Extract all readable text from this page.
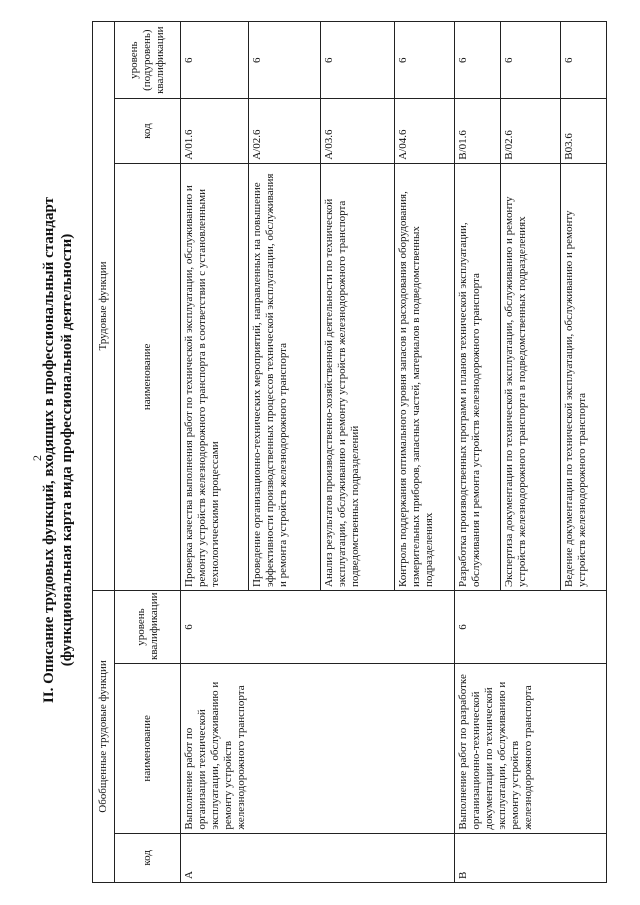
2
II. Описание трудовых функций, входящих в профессиональный стандарт (функциональная карта вида профессиональной деятельности)
Обобщенные трудовые функции			Трудовые функции		
код	наименование	уровень квалификации	наименование	код	уровень (подуровень) квалификации
А	Выполнение работ по организации технической эксплуатации, обслуживанию и ремонту устройств железнодорожного транспорта	6	Проверка качества выполнения работ по технической эксплуатации, обслуживанию и ремонту устройств железнодорожного транспорта в соответствии с установленными технологическими процессами	A/01.6	6
			Проведение организационно-технических мероприятий, направленных на повышение эффективности производственных процессов технической эксплуатации, обслуживания и ремонта устройств железнодорожного транспорта	A/02.6	6
			Анализ результатов производственно-хозяйственной деятельности по технической эксплуатации, обслуживанию и ремонту устройств железнодорожного транспорта подведомственных подразделений	A/03.6	6
			Контроль поддержания оптимального уровня запасов и расходования оборудования, измерительных приборов, запасных частей, материалов в подведомственных подразделениях	A/04.6	6
В	Выполнение работ по разработке организационно-технической документации по технической эксплуатации, обслуживанию и ремонту устройств железнодорожного транспорта	6	Разработка производственных программ и планов технической эксплуатации, обслуживания и ремонта устройств железнодорожного транспорта	B/01.6	6
			Экспертиза документации по технической эксплуатации, обслуживанию и ремонту устройств железнодорожного транспорта в подведомственных подразделениях	B/02.6	6
			Ведение документации по технической эксплуатации, обслуживанию и ремонту устройств железнодорожного транспорта	B03.6	6
